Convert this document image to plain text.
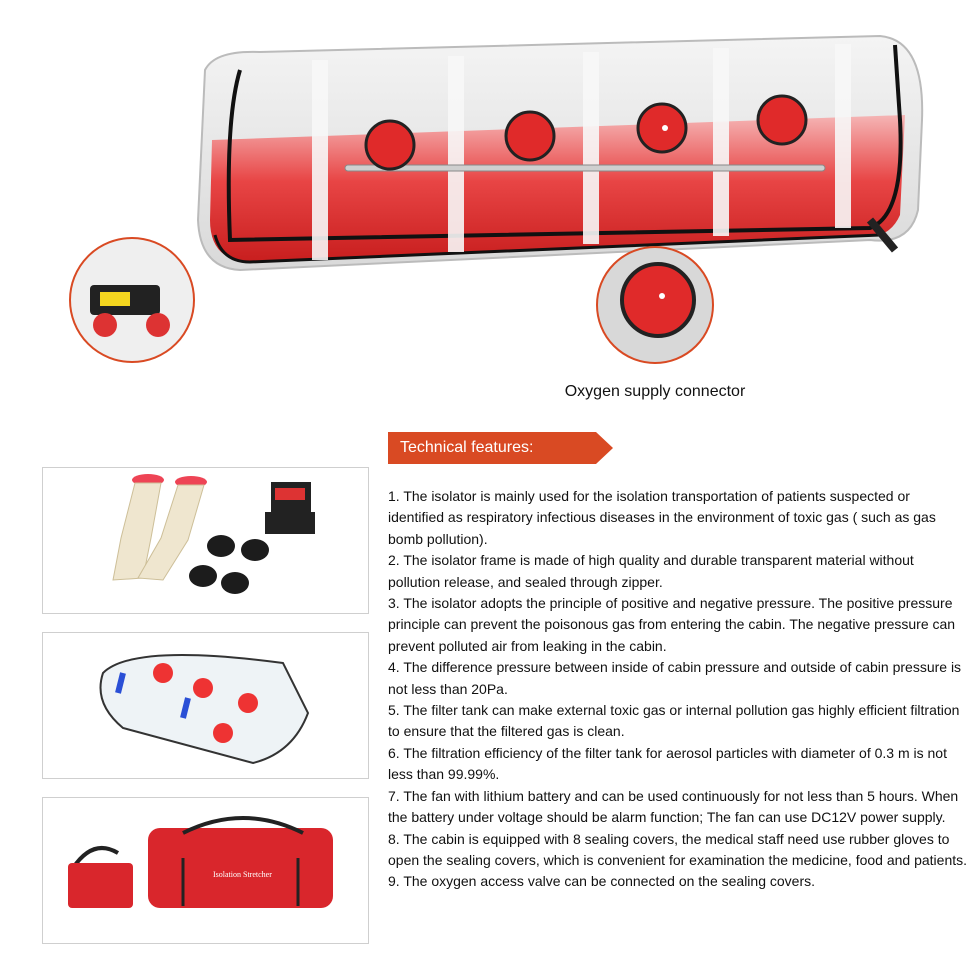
Oxygen supply connector
Technical features:
Isolation Stretcher

1. The isolator is mainly used for the isolation transportation of patients suspected or identified as respiratory infectious diseases in the environment of toxic gas ( such as gas bomb pollution).

2. The isolator frame is made of high quality and durable transparent material without pollution release, and sealed through zipper.

3. The isolator adopts the principle of positive and negative pressure. The positive pressure principle can prevent the poisonous gas from entering the cabin. The negative pressure can prevent polluted air from leaking in the cabin.

4. The difference pressure between inside of cabin pressure and outside of cabin pressure is not less than 20Pa.

5. The filter tank can make external toxic gas or internal pollution gas highly efficient filtration to ensure that the filtered gas is clean.

6. The filtration efficiency of the filter tank for aerosol particles with diameter of 0.3 m is not less than 99.99%.

7. The fan with lithium battery and can be used continuously for not less than 5 hours. When the battery under voltage should be alarm function; The fan can use DC12V power supply.

8. The cabin is equipped with 8 sealing covers, the medical staff need use rubber gloves to open the sealing covers, which is convenient for examination the medicine, food and patients.

9. The oxygen access valve can be connected on the sealing covers.
